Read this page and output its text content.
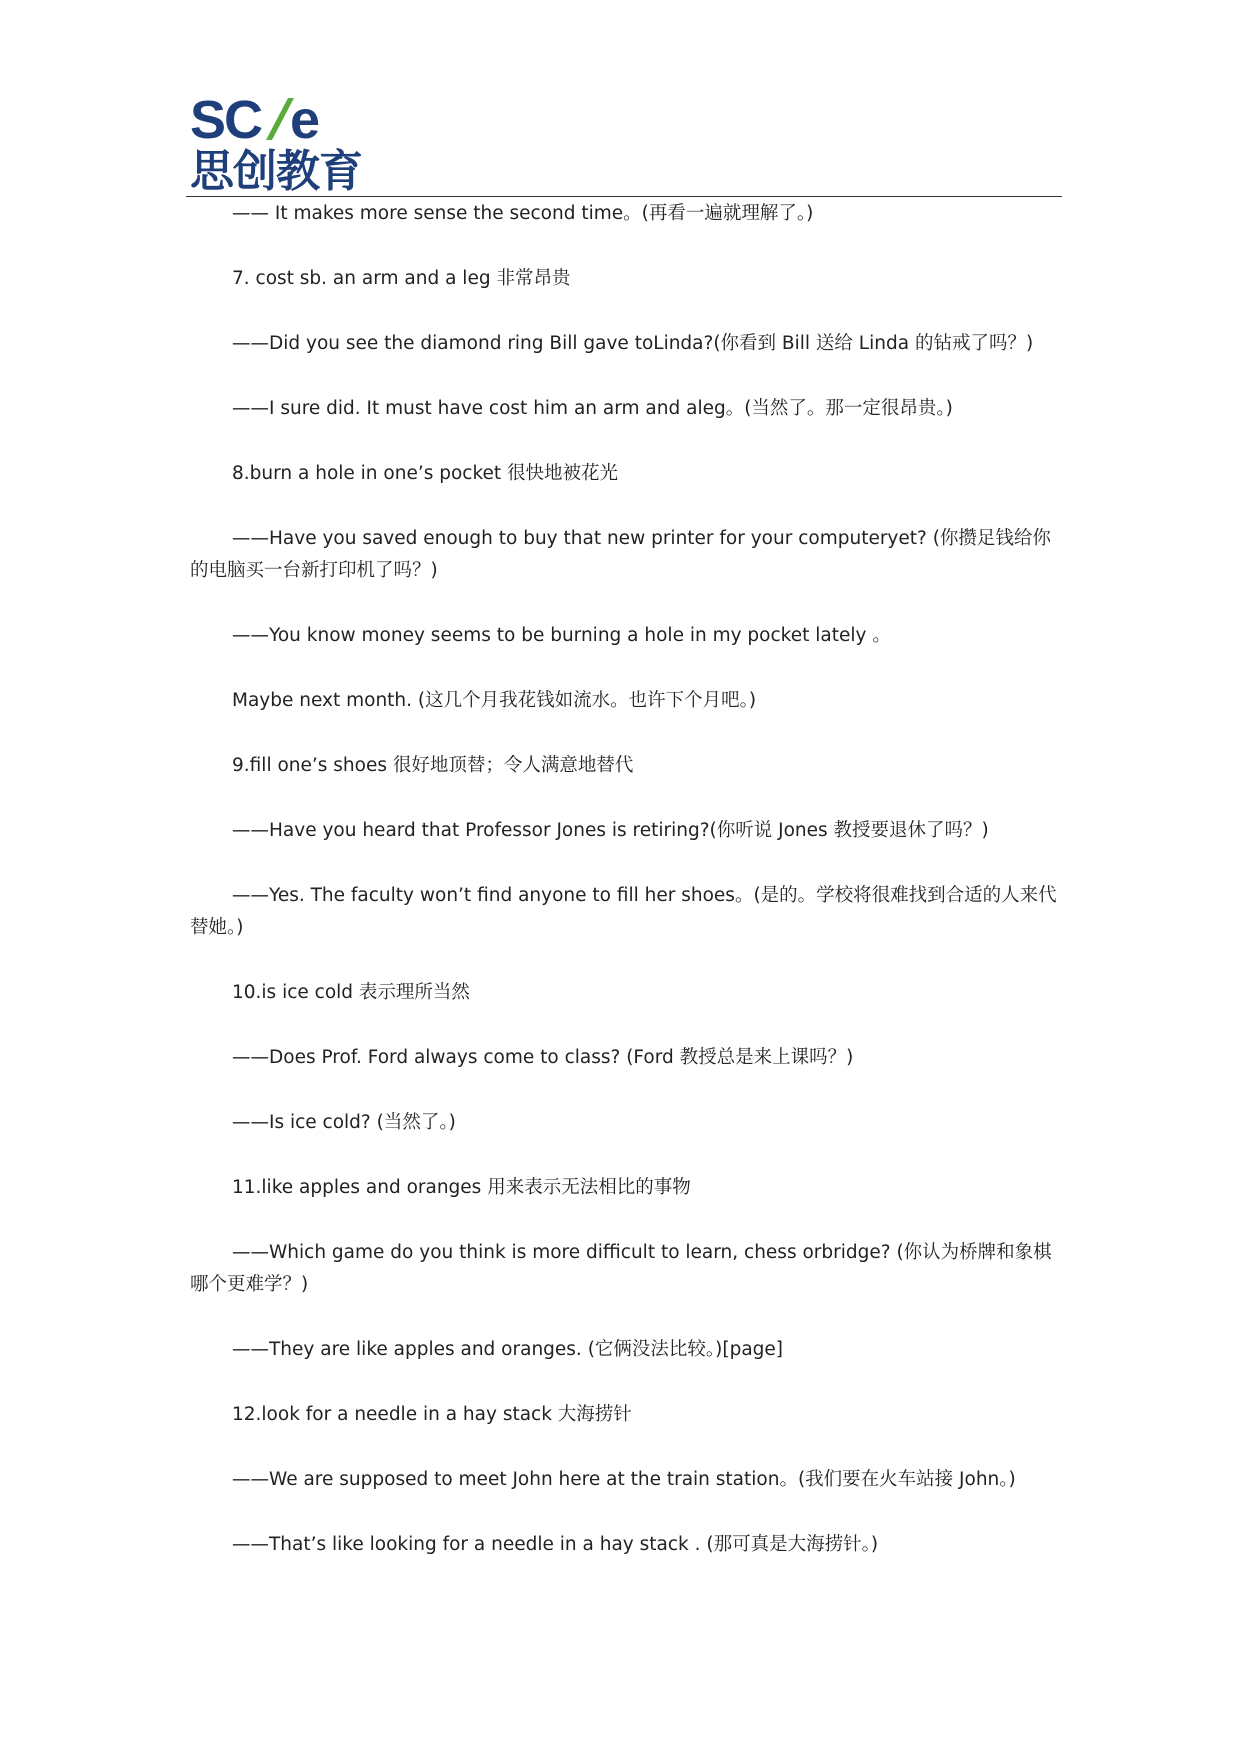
SC e
思创教育

—— It makes more sense the second time。(再看一遍就理解了。)

7. cost sb. an arm and a leg 非常昂贵

——Did you see the diamond ring Bill gave toLinda?(你看到 Bill 送给 Linda 的钻戒了吗？)

——I sure did. It must have cost him an arm and aleg。(当然了。那一定很昂贵。)

8.burn a hole in one’s pocket 很快地被花光

——Have you saved enough to buy that new printer for your computeryet? (你攒足钱给你的电脑买一台新打印机了吗？)

——You know money seems to be burning a hole in my pocket lately 。

Maybe next month. (这几个月我花钱如流水。也许下个月吧。)

9.fill one’s shoes 很好地顶替；令人满意地替代

——Have you heard that Professor Jones is retiring?(你听说 Jones 教授要退休了吗？)

——Yes. The faculty won’t find anyone to fill her shoes。(是的。学校将很难找到合适的人来代替她。)

10.is ice cold 表示理所当然

——Does Prof. Ford always come to class? (Ford 教授总是来上课吗？)

——Is ice cold? (当然了。)

11.like apples and oranges 用来表示无法相比的事物

——Which game do you think is more difficult to learn, chess orbridge? (你认为桥牌和象棋哪个更难学？)

——They are like apples and oranges. (它俩没法比较。)[page]

12.look for a needle in a hay stack 大海捞针

——We are supposed to meet John here at the train station。(我们要在火车站接 John。)

——That’s like looking for a needle in a hay stack . (那可真是大海捞针。)
